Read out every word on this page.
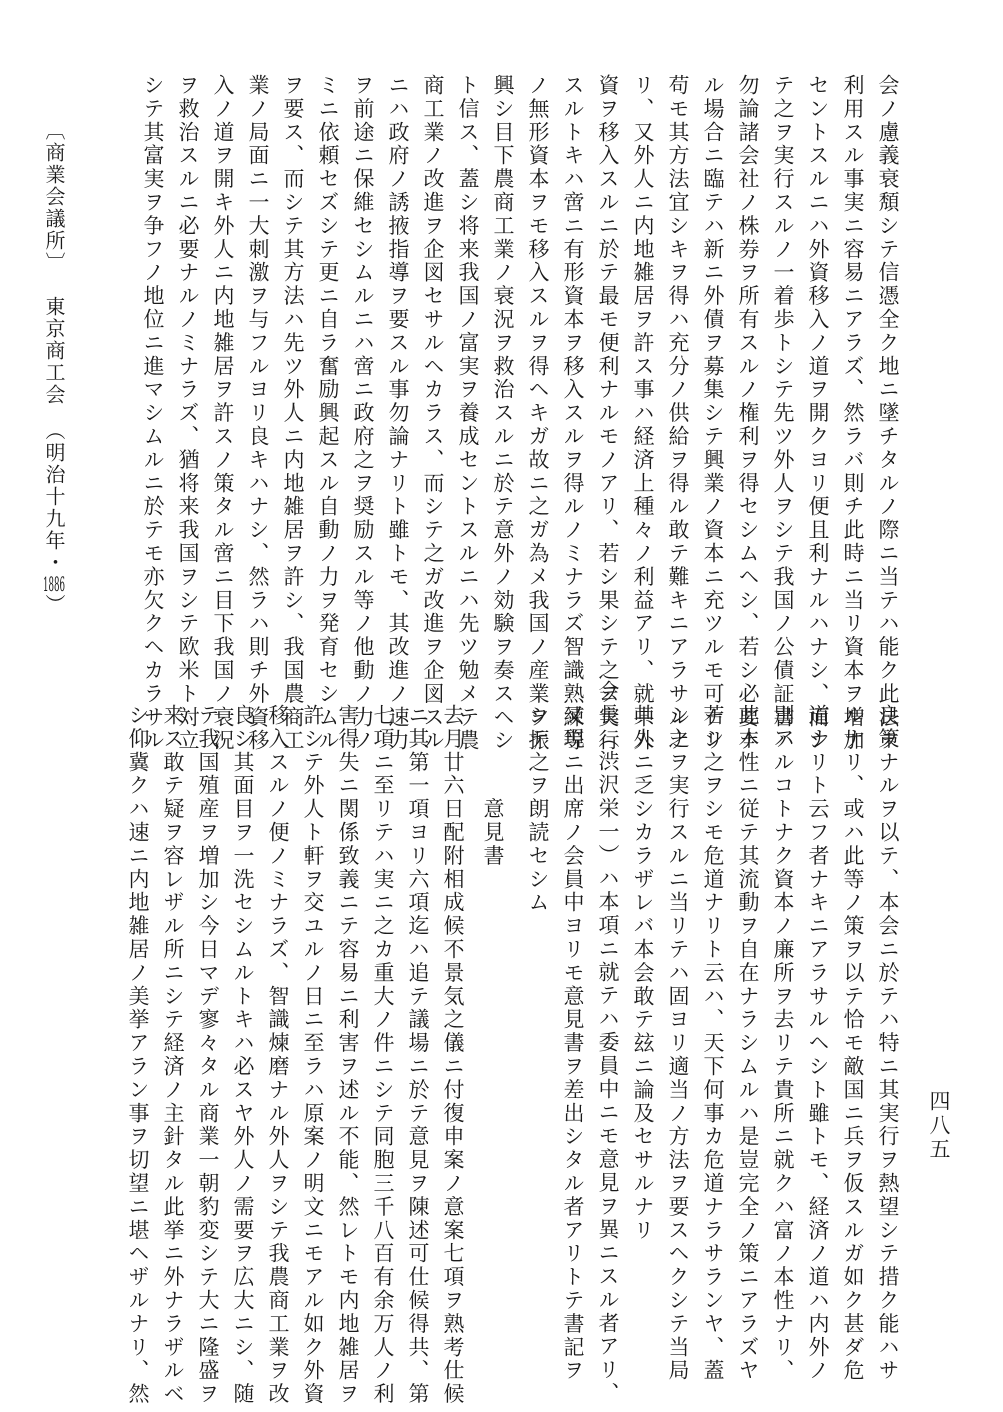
〔商業会議所〕東京商工会（明治十九年・1886）
四八五
会ノ慮義衰頽シテ信憑全ク地ニ墜チタルノ際ニ当テハ能ク此法ヲ
利用スル事実ニ容易ニアラズ、然ラバ則チ此時ニ当リ資本ヲ増加
セントスルニハ外資移入ノ道ヲ開クヨリ便且利ナルハナシ、而シ
テ之ヲ実行スルノ一着歩トシテ先ツ外人ヲシテ我国ノ公債証書ハ
勿論諸会社ノ株券ヲ所有スルノ権利ヲ得セシムヘシ、若シ必要ナ
ル場合ニ臨テハ新ニ外債ヲ募集シテ興業ノ資本ニ充ツルモ可ナリ
苟モ其方法宜シキヲ得ハ充分ノ供給ヲ得ル敢テ難キニアラサルナ
リ、又外人ニ内地雑居ヲ許ス事ハ経済上種々ノ利益アリ、就中外
資ヲ移入スルニ於テ最モ便利ナルモノアリ、若シ果シテ之ヲ実行
スルトキハ啻ニ有形資本ヲ移入スルヲ得ルノミナラズ智識熟練等
ノ無形資本ヲモ移入スルヲ得ヘキガ故ニ之ガ為メ我国ノ産業ヲ振
興シ目下農商工業ノ衰況ヲ救治スルニ於テ意外ノ効験ヲ奏スヘシ
ト信ス、蓋シ将来我国ノ富実ヲ養成セントスルニハ先ツ勉メテ農
商工業ノ改進ヲ企図セサルヘカラス、而シテ之ガ改進ヲ企図スル
ニハ政府ノ誘掖指導ヲ要スル事勿論ナリト雖トモ、其改進ノ速力
ヲ前途ニ保維セシムルニハ啻ニ政府之ヲ奨励スル等ノ他動ノ力ノ
ミニ依頼セズシテ更ニ自ラ奮励興起スル自動ノ力ヲ発育セシムル
ヲ要ス、而シテ其方法ハ先ツ外人ニ内地雑居ヲ許シ、我国農商工
業ノ局面ニ一大刺激ヲ与フルヨリ良キハナシ、然ラハ則チ外資移
入ノ道ヲ開キ外人ニ内地雑居ヲ許スノ策タル啻ニ目下我国ノ衰況
ヲ救治スルニ必要ナルノミナラズ、猶将来我国ヲシテ欧米ト対立
シテ其富実ヲ争フノ地位ニ進マシムルニ於テモ亦欠クヘカラサル
良策ナルヲ以テ、本会ニ於テハ特ニ其実行ヲ熱望シテ措ク能ハサ
ルナリ、或ハ此等ノ策ヲ以テ恰モ敵国ニ兵ヲ仮スルガ如ク甚ダ危
道ナリト云フ者ナキニアラサルヘシト雖トモ、経済ノ道ハ内外ノ
別アルコトナク資本ノ廉所ヲ去リテ貴所ニ就クハ富ノ本性ナリ、
此本性ニ従テ其流動ヲ自在ナラシムルハ是豈完全ノ策ニアラズヤ
若シ之ヲシモ危道ナリト云ハ、天下何事カ危道ナラサランヤ、蓋
シ之ヲ実行スルニ当リテハ固ヨリ適当ノ方法ヲ要スヘクシテ当局
其人ニ乏シカラザレバ本会敢テ玆ニ論及セサルナリ
会長（渋沢栄一）ハ本項ニ就テハ委員中ニモ意見ヲ異ニスル者アリ、
又現ニ出席ノ会員中ヨリモ意見書ヲ差出シタル者アリトテ書記ヲ
シテ之ヲ朗読セシム
　　　　意見書
去月廿六日配附相成候不景気之儀ニ付復申案ノ意案七項ヲ熟考仕候
ニ其第一項ヨリ六項迄ハ追テ議場ニ於テ意見ヲ陳述可仕候得共、第
七項ニ至リテハ実ニ之カ重大ノ件ニシテ同胞三千八百有余万人ノ利
害得失ニ関係致義ニテ容易ニ利害ヲ述ル不能、然レトモ内地雑居ヲ
許シテ外人ト軒ヲ交ユルノ日ニ至ラハ原案ノ明文ニモアル如ク外資
移入スルノ便ノミナラズ、智識煉磨ナル外人ヲシテ我農商工業ヲ改
良シ其面目ヲ一洗セシムルトキハ必スヤ外人ノ需要ヲ広大ニシ、随
テ我国殖産ヲ増加シ今日マデ寥々タル商業一朝豹変シテ大ニ隆盛ヲ
来ス敢テ疑ヲ容レザル所ニシテ経済ノ主針タル此挙ニ外ナラザルベ
シ仰冀クハ速ニ内地雑居ノ美挙アラン事ヲ切望ニ堪ヘザルナリ、然
